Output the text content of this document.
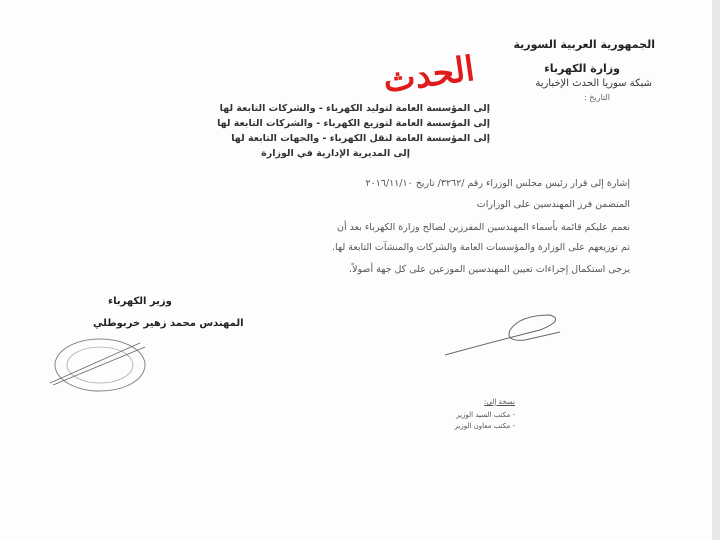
الجمهورية العربية السورية
وزارة الكهرباء
الحدث	شبكة سوريا الحدث الإخبارية
التاريخ :
إلى المؤسسة العامة لتوليد الكهرباء - والشركات التابعة لها
إلى المؤسسة العامة لتوزيع الكهرباء - والشركات التابعة لها
إلى المؤسسة العامة لنقل الكهرباء - والجهات التابعة لها
إلى المديرية الإدارية في الوزارة
إشارة إلى قرار رئيس مجلس الوزراء رقم /٣٢٦٢/ تاريخ ٢٠١٦/١١/١٠
المتضمن فرز المهندسين على الوزارات
نعمم عليكم قائمة بأسماء المهندسين المفرزين لصالح وزارة الكهرباء بعد أن
تم توزيعهم على الوزارة والمؤسسات العامة والشركات والمنشآت التابعة لها.
يرجى استكمال إجراءات تعيين المهندسين الموزعين على كل جهة أصولاً.
وزير الكهرباء
المهندس محمد زهير خربوطلي
نسخة إلى:
- مكتب السيد الوزير
- مكتب معاون الوزير
